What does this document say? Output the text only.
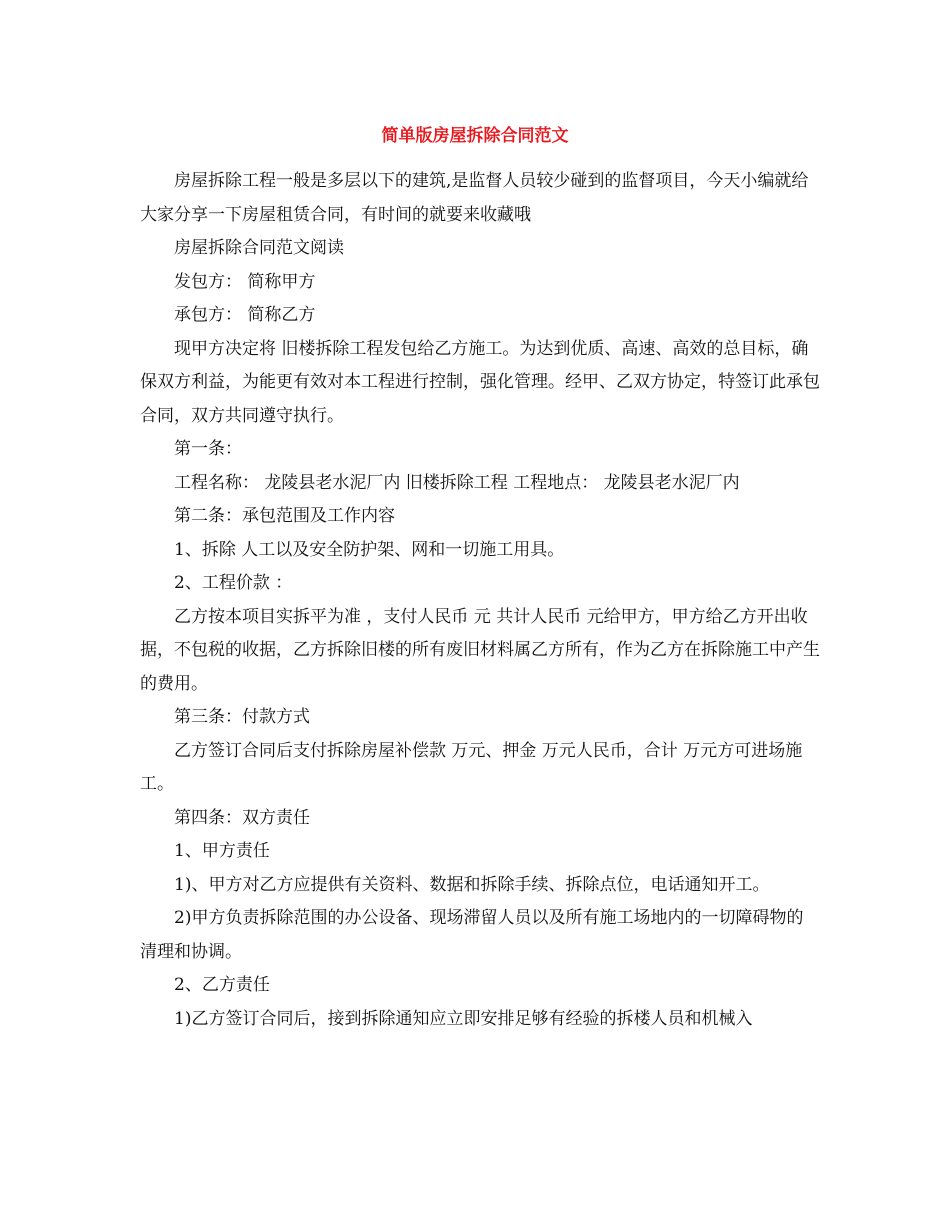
简单版房屋拆除合同范文

房屋拆除工程一般是多层以下的建筑,是监督人员较少碰到的监督项目，今天小编就给大家分享一下房屋租赁合同，有时间的就要来收藏哦

房屋拆除合同范文阅读

发包方： 简称甲方

承包方： 简称乙方

现甲方决定将 旧楼拆除工程发包给乙方施工。为达到优质、高速、高效的总目标，确保双方利益，为能更有效对本工程进行控制，强化管理。经甲、乙双方协定，特签订此承包合同，双方共同遵守执行。

第一条：

工程名称： 龙陵县老水泥厂内 旧楼拆除工程 工程地点： 龙陵县老水泥厂内

第二条：承包范围及工作内容

1、拆除 人工以及安全防护架、网和一切施工用具。

2、工程价款 ：

乙方按本项目实拆平为准 ，支付人民币 元 共计人民币 元给甲方，甲方给乙方开出收据，不包税的收据，乙方拆除旧楼的所有废旧材料属乙方所有，作为乙方在拆除施工中产生的费用。

第三条：付款方式

乙方签订合同后支付拆除房屋补偿款 万元、押金 万元人民币，合计 万元方可进场施工。

第四条：双方责任

1、甲方责任

1)、甲方对乙方应提供有关资料、数据和拆除手续、拆除点位，电话通知开工。

2)甲方负责拆除范围的办公设备、现场滞留人员以及所有施工场地内的一切障碍物的清理和协调。

2、乙方责任

1)乙方签订合同后，接到拆除通知应立即安排足够有经验的拆楼人员和机械入
